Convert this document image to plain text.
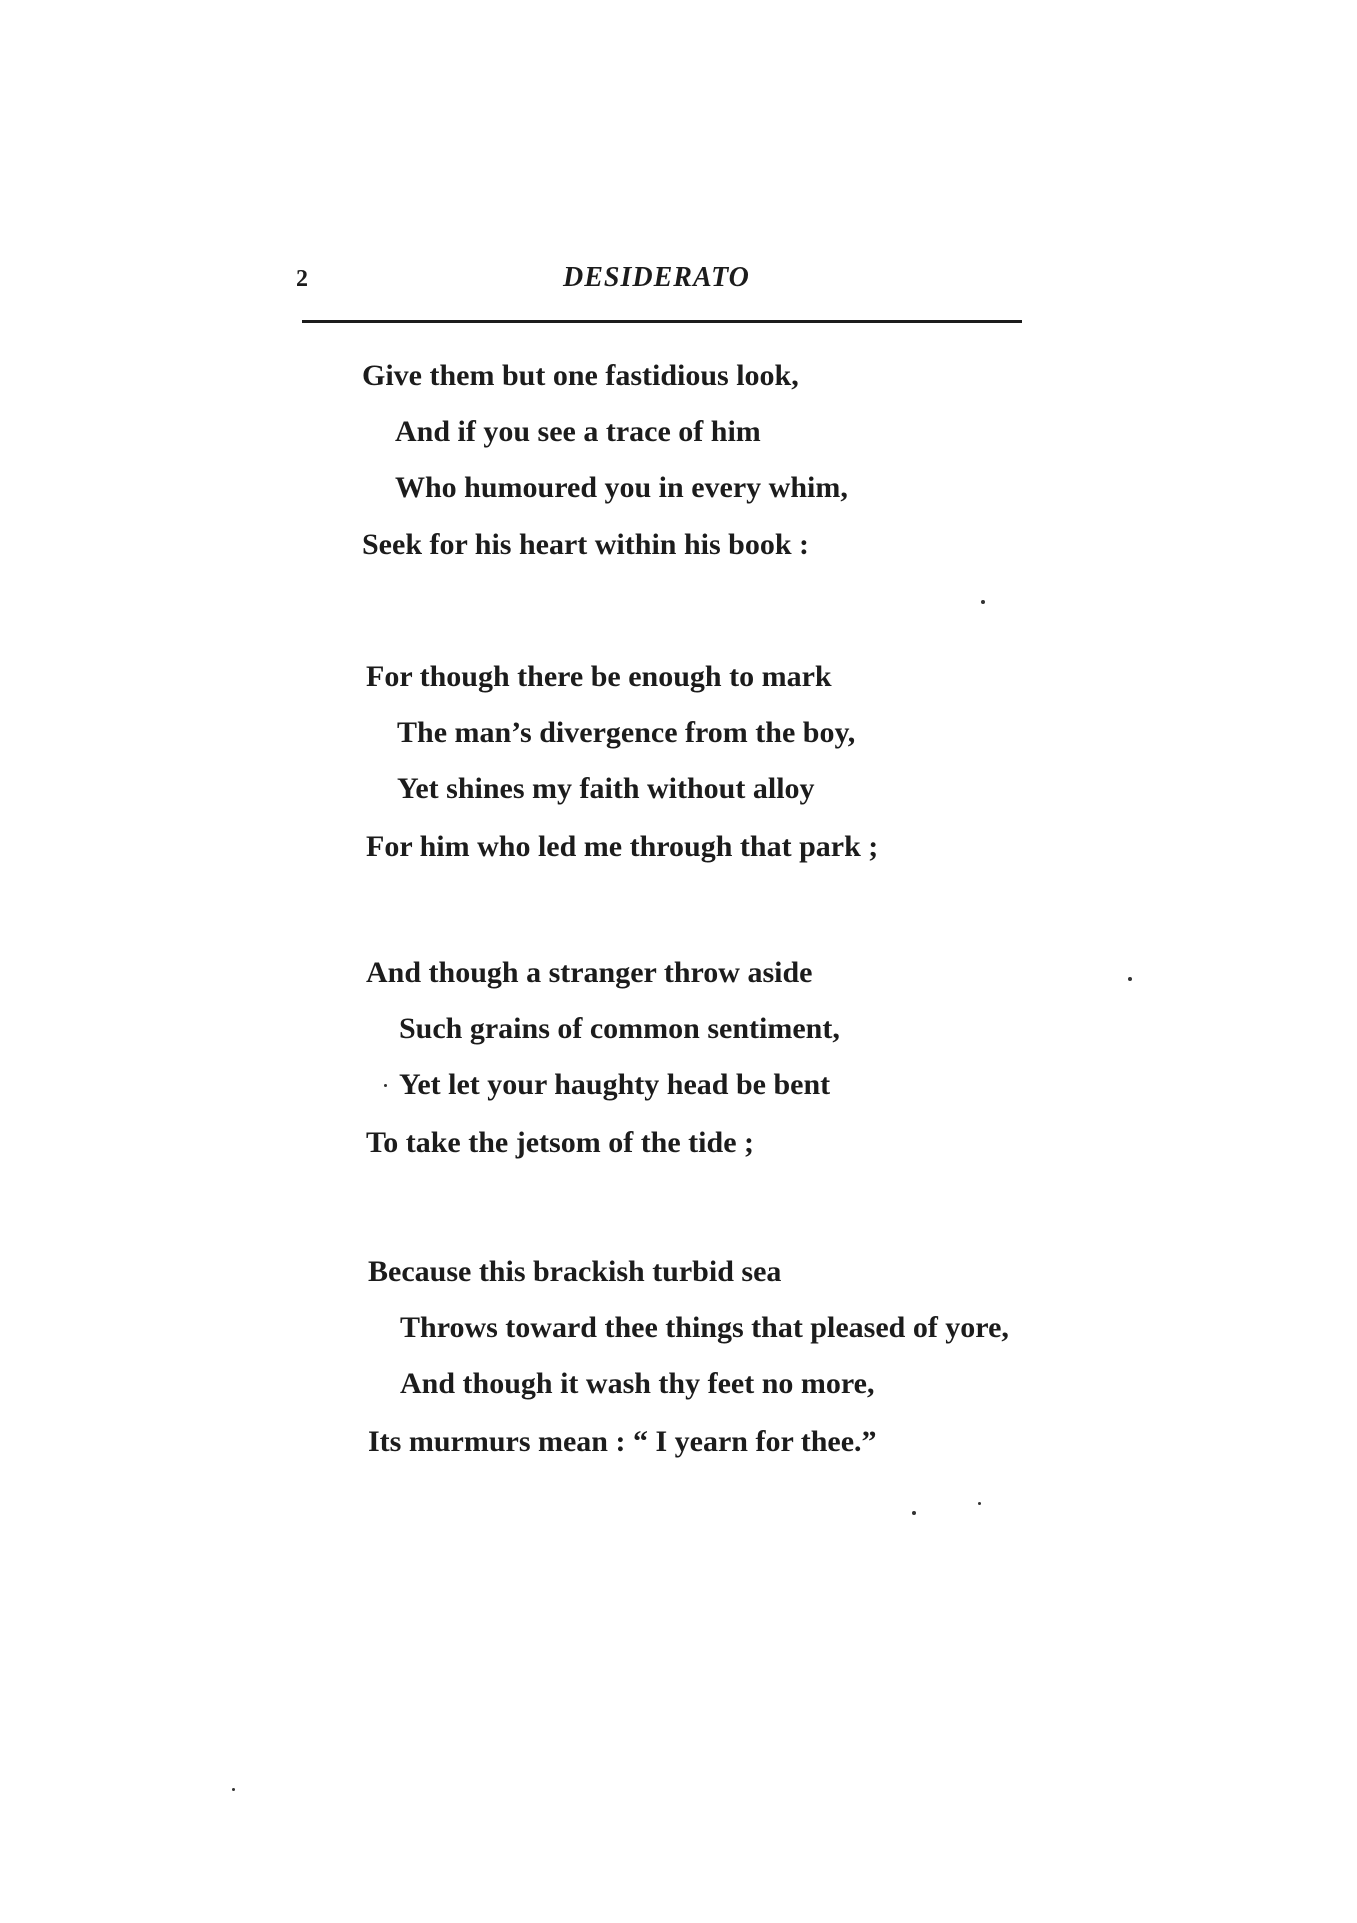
2	DESIDERATO
Give them but one fastidious look,
And if you see a trace of him
Who humoured you in every whim,
Seek for his heart within his book :
For though there be enough to mark
The man’s divergence from the boy,
Yet shines my faith without alloy
For him who led me through that park ;
And though a stranger throw aside
Such grains of common sentiment,
Yet let your haughty head be bent
To take the jetsom of the tide ;
Because this brackish turbid sea
Throws toward thee things that pleased of yore,
And though it wash thy feet no more,
Its murmurs mean : “ I yearn for thee.”
